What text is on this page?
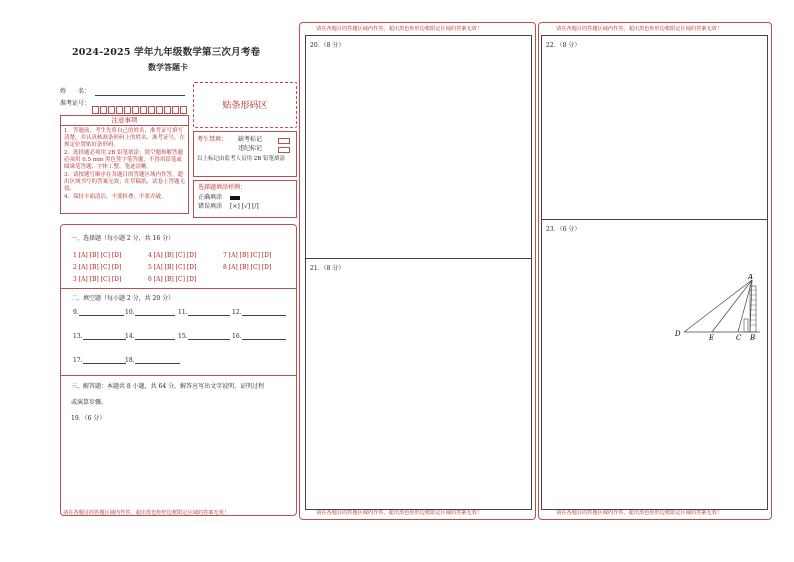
2024-2025 学年九年级数学第三次月考卷
数学答题卡
姓　　名：
准考证号：	贴条形码区
注意事项
1．答题前，考生先将自己的姓名，准考证号填写清楚，并认真核准条形码上的姓名、准考证号，在规定位置贴好条形码。
2．选择题必须用 2B 铅笔填涂；填空题和解答题必须用 0.5 mm 黑色签字笔答题，不得用铅笔或圆珠笔答题；字体工整、笔迹清晰。
3．请按题号顺序在各题目的答题区域内作答，超出区域书写的答案无效；在草稿纸、试卷上答题无效。
4．保持卡面清洁，不要折叠、不要弄破。
考生禁填： 缺考标记
违纪标记
以上标记由监考人员用 2B 铅笔填涂
选择题填涂样例：
正确填涂
错误填涂 [×] [√] [/]
一、选择题（每小题 2 分，共 16 分）
1 [A] [B] [C] [D]
2 [A] [B] [C] [D]
3 [A] [B] [C] [D]
4 [A] [B] [C] [D]
5 [A] [B] [C] [D]
6 [A] [B] [C] [D]
7 [A] [B] [C] [D]
8 [A] [B] [C] [D]
二、填空题（每小题 2 分，共 20 分）
9.	10.	11.	12.
13.	14.	15.	16.
17.	18.
三、解答题：本题共 8 小题，共 64 分。解答应写出文字说明、证明过程
或演算步骤。
19．（6 分）
请在各题目的答题区域内作答，超出黑色矩形边框限定区域的答案无效！
请在各题目的答题区域内作答，超出黑色矩形边框限定区域的答案无效！
20．（8 分）
21．（8 分）
请在各题目的答题区域内作答，超出黑色矩形边框限定区域的答案无效！
请在各题目的答题区域内作答，超出黑色矩形边框限定区域的答案无效！
22．（8 分）
23．（6 分）
A
D	E	C B
请在各题目的答题区域内作答，超出黑色矩形边框限定区域的答案无效！
